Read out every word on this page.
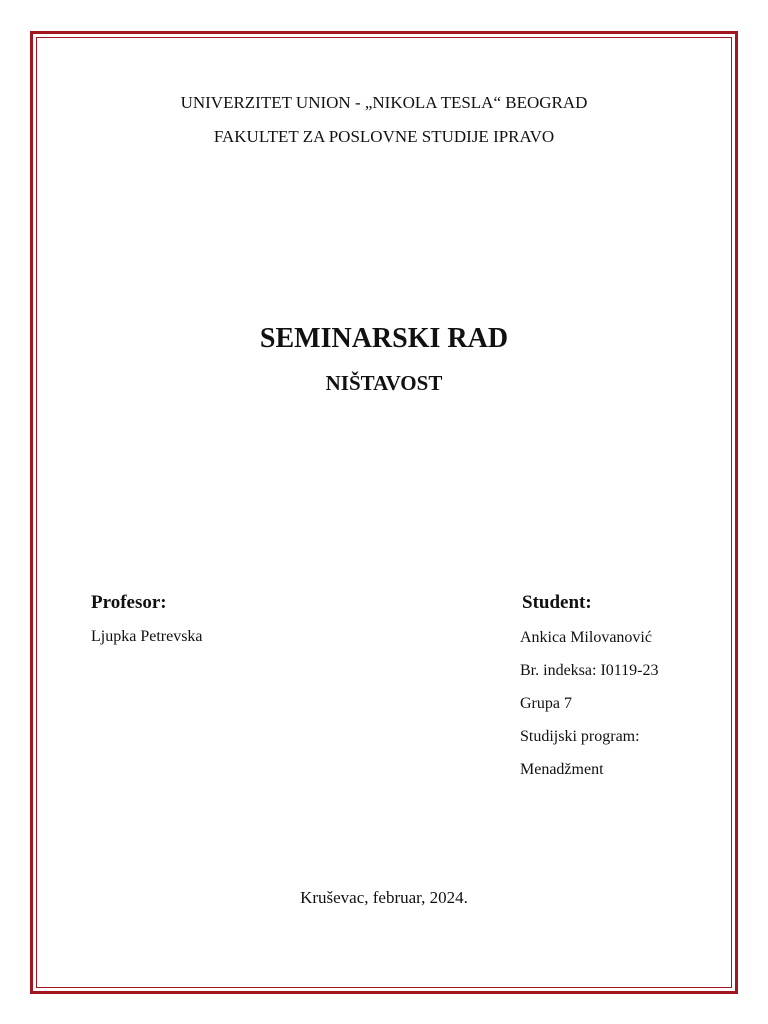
UNIVERZITET UNION - „NIKOLA TESLA“ BEOGRAD
FAKULTET ZA POSLOVNE STUDIJE IPRAVO
SEMINARSKI RAD
NIŠTAVOST
Profesor:
Ljupka Petrevska
Student:
Ankica Milovanović
Br. indeksa: I0119-23
Grupa 7
Studijski program:
Menadžment
Kruševac, februar, 2024.
